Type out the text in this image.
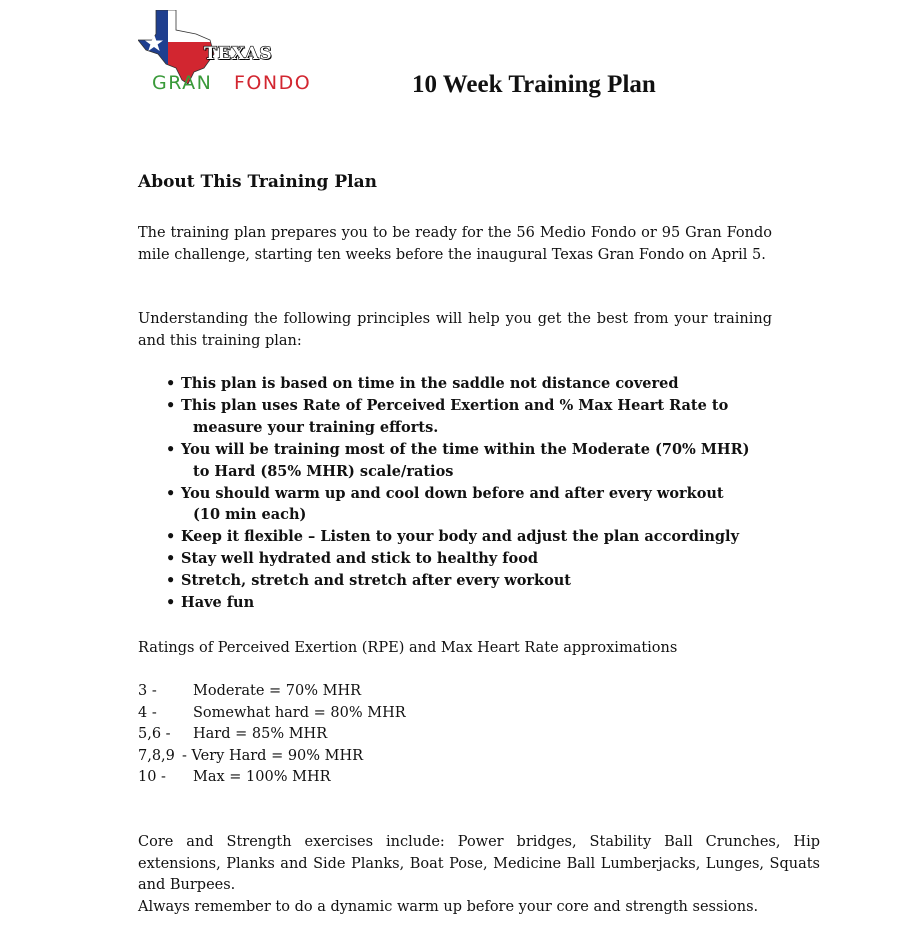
TEXAS
GRAN FONDO	10 Week Training Plan
About This Training Plan

The training plan prepares you to be ready for the 56 Medio Fondo or 95 Gran Fondo mile challenge, starting ten weeks before the inaugural Texas Gran Fondo on April 5.

Understanding the following principles will help you get the best from your training and this training plan:

• This plan is based on time in the saddle not distance covered
• This plan uses Rate of Perceived Exertion and % Max Heart Rate to
measure your training efforts.
• You will be training most of the time within the Moderate (70% MHR)
to Hard (85% MHR) scale/ratios
• You should warm up and cool down before and after every workout
(10 min each)
• Keep it flexible – Listen to your body and adjust the plan accordingly
• Stay well hydrated and stick to healthy food
• Stretch, stretch and stretch after every workout
• Have fun

Ratings of Perceived Exertion (RPE) and Max Heart Rate approximations

3 -	Moderate = 70% MHR
4 -	Somewhat hard = 80% MHR
5,6 - Hard = 85% MHR
7,8,9 - Very Hard = 90% MHR
10 - Max = 100% MHR

Core and Strength exercises include: Power bridges, Stability Ball Crunches, Hip extensions, Planks and Side Planks, Boat Pose, Medicine Ball Lumberjacks, Lunges, Squats and Burpees.

Always remember to do a dynamic warm up before your core and strength sessions.
